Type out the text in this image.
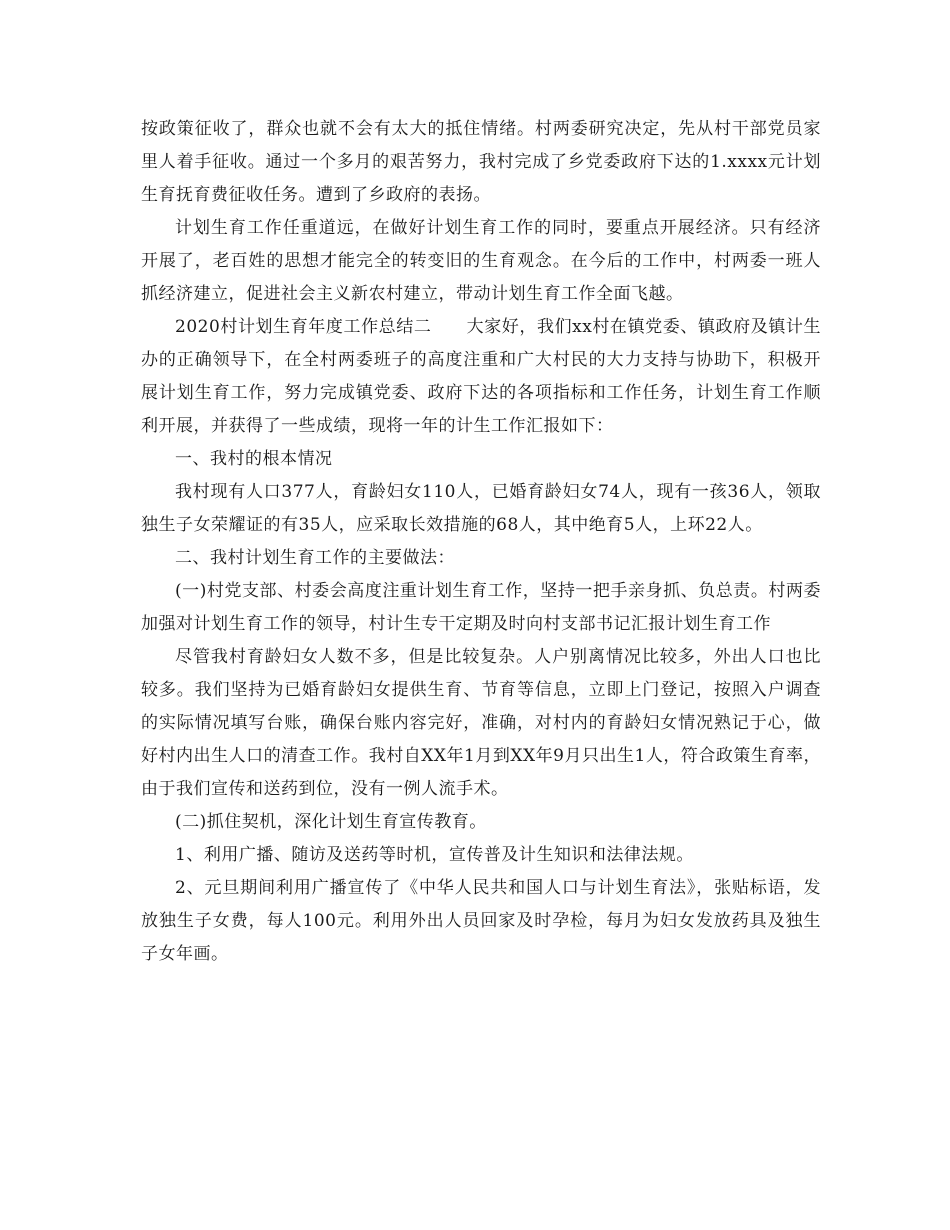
按政策征收了，群众也就不会有太大的抵住情绪。村两委研究决定，先从村干部党员家里人着手征收。通过一个多月的艰苦努力，我村完成了乡党委政府下达的1.xxxx元计划生育抚育费征收任务。遭到了乡政府的表扬。

计划生育工作任重道远，在做好计划生育工作的同时，要重点开展经济。只有经济开展了，老百姓的思想才能完全的转变旧的生育观念。在今后的工作中，村两委一班人抓经济建立，促进社会主义新农村建立，带动计划生育工作全面飞越。

2020村计划生育年度工作总结二　　大家好，我们xx村在镇党委、镇政府及镇计生办的正确领导下，在全村两委班子的高度注重和广大村民的大力支持与协助下，积极开展计划生育工作，努力完成镇党委、政府下达的各项指标和工作任务，计划生育工作顺利开展，并获得了一些成绩，现将一年的计生工作汇报如下：

一、我村的根本情况

我村现有人口377人，育龄妇女110人，已婚育龄妇女74人，现有一孩36人，领取独生子女荣耀证的有35人，应采取长效措施的68人，其中绝育5人，上环22人。

二、我村计划生育工作的主要做法：

(一)村党支部、村委会高度注重计划生育工作，坚持一把手亲身抓、负总责。村两委加强对计划生育工作的领导，村计生专干定期及时向村支部书记汇报计划生育工作

尽管我村育龄妇女人数不多，但是比较复杂。人户别离情况比较多，外出人口也比较多。我们坚持为已婚育龄妇女提供生育、节育等信息，立即上门登记，按照入户调查的实际情况填写台账，确保台账内容完好，准确，对村内的育龄妇女情况熟记于心，做好村内出生人口的清查工作。我村自XX年1月到XX年9月只出生1人，符合政策生育率，由于我们宣传和送药到位，没有一例人流手术。

(二)抓住契机，深化计划生育宣传教育。

1、利用广播、随访及送药等时机，宣传普及计生知识和法律法规。

2、元旦期间利用广播宣传了《中华人民共和国人口与计划生育法》，张贴标语，发放独生子女费，每人100元。利用外出人员回家及时孕检，每月为妇女发放药具及独生子女年画。
